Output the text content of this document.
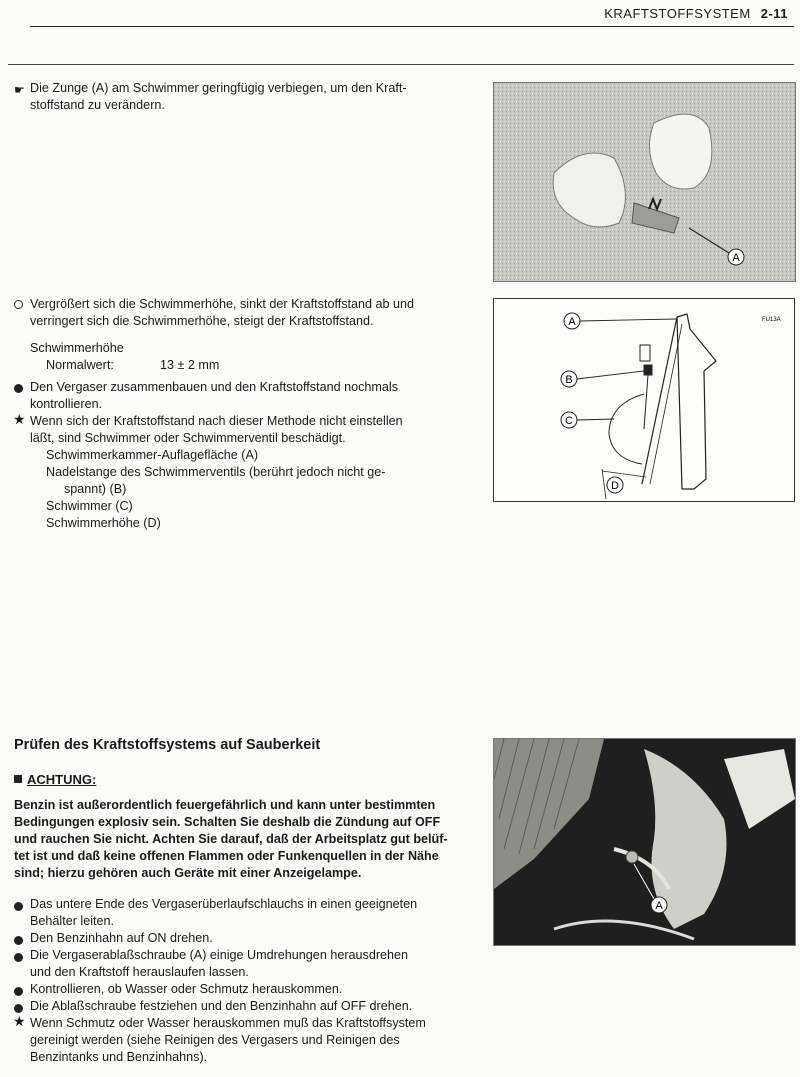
KRAFTSTOFFSYSTEM 2-11
☛ Die Zunge (A) am Schwimmer geringfügig verbiegen, um den Kraft-
stoffstand zu verändern.
A
Vergrößert sich die Schwimmerhöhe, sinkt der Kraftstoffstand ab und
verringert sich die Schwimmerhöhe, steigt der Kraftstoffstand.
Schwimmerhöhe
Normalwert:	13 ± 2 mm
Den Vergaser zusammenbauen und den Kraftstoffstand nochmals
kontrollieren.
★ Wenn sich der Kraftstoffstand nach dieser Methode nicht einstellen
läßt, sind Schwimmer oder Schwimmerventil beschädigt.
Schwimmerkammer-Auflagefläche (A)
Nadelstange des Schwimmerventils (berührt jedoch nicht ge-
spannt) (B)
Schwimmer (C)
Schwimmerhöhe (D)
FU13A
A
B
C
D
Prüfen des Kraftstoffsystems auf Sauberkeit
ACHTUNG:
Benzin ist außerordentlich feuergefährlich und kann unter bestimmten
Bedingungen explosiv sein. Schalten Sie deshalb die Zündung auf OFF
und rauchen Sie nicht. Achten Sie darauf, daß der Arbeitsplatz gut belüf-
tet ist und daß keine offenen Flammen oder Funkenquellen in der Nähe
sind; hierzu gehören auch Geräte mit einer Anzeigelampe.
Das untere Ende des Vergaserüberlaufschlauchs in einen geeigneten
Behälter leiten.
Den Benzinhahn auf ON drehen.
Die Vergaserablaßschraube (A) einige Umdrehungen herausdrehen
und den Kraftstoff herauslaufen lassen.
Kontrollieren, ob Wasser oder Schmutz herauskommen.
Die Ablaßschraube festziehen und den Benzinhahn auf OFF drehen.
★ Wenn Schmutz oder Wasser herauskommen muß das Kraftstoffsystem
gereinigt werden (siehe Reinigen des Vergasers und Reinigen des
Benzintanks und Benzinhahns).
A
